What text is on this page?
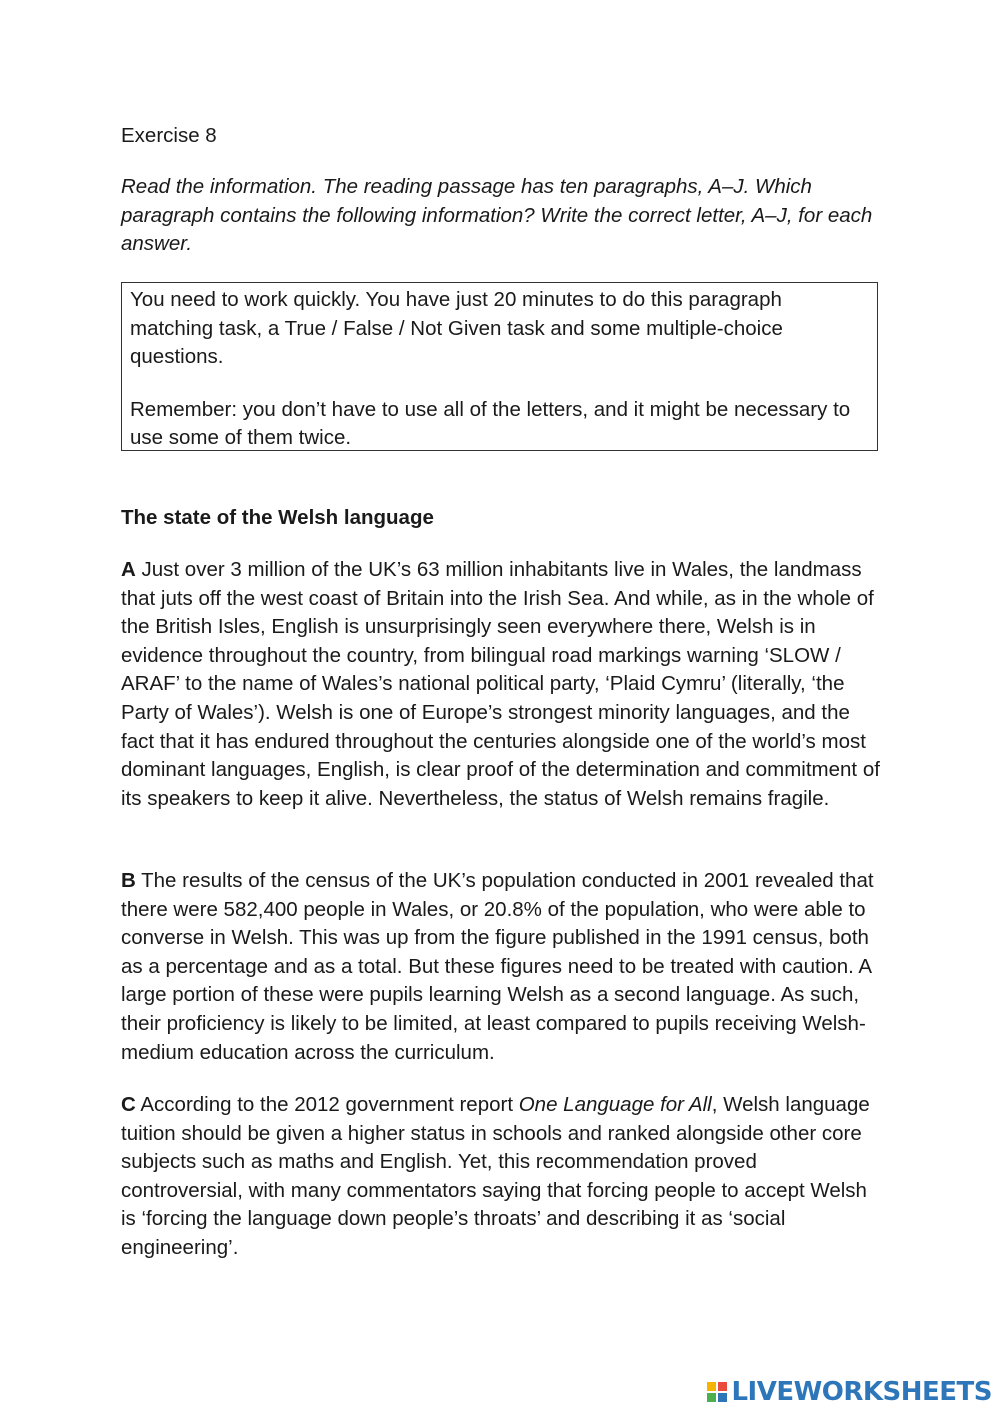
Exercise 8
Read the information. The reading passage has ten paragraphs, A–J. Which paragraph contains the following information? Write the correct letter, A–J, for each answer.

You need to work quickly. You have just 20 minutes to do this paragraph matching task, a True / False / Not Given task and some multiple-choice questions.

Remember: you don’t have to use all of the letters, and it might be necessary to use some of them twice.

The state of the Welsh language
A Just over 3 million of the UK’s 63 million inhabitants live in Wales, the landmass that juts off the west coast of Britain into the Irish Sea. And while, as in the whole of the British Isles, English is unsurprisingly seen everywhere there, Welsh is in evidence throughout the country, from bilingual road markings warning ‘SLOW / ARAF’ to the name of Wales’s national political party, ‘Plaid Cymru’ (literally, ‘the Party of Wales’). Welsh is one of Europe’s strongest minority languages, and the fact that it has endured throughout the centuries alongside one of the world’s most dominant languages, English, is clear proof of the determination and commitment of its speakers to keep it alive. Nevertheless, the status of Welsh remains fragile.
B The results of the census of the UK’s population conducted in 2001 revealed that there were 582,400 people in Wales, or 20.8% of the population, who were able to converse in Welsh. This was up from the figure published in the 1991 census, both as a percentage and as a total. But these figures need to be treated with caution. A large portion of these were pupils learning Welsh as a second language. As such, their proficiency is likely to be limited, at least compared to pupils receiving Welsh-medium education across the curriculum.
C According to the 2012 government report One Language for All, Welsh language tuition should be given a higher status in schools and ranked alongside other core subjects such as maths and English. Yet, this recommendation proved controversial, with many commentators saying that forcing people to accept Welsh is ‘forcing the language down people’s throats’ and describing it as ‘social engineering’.
LIVEWORKSHEETS
